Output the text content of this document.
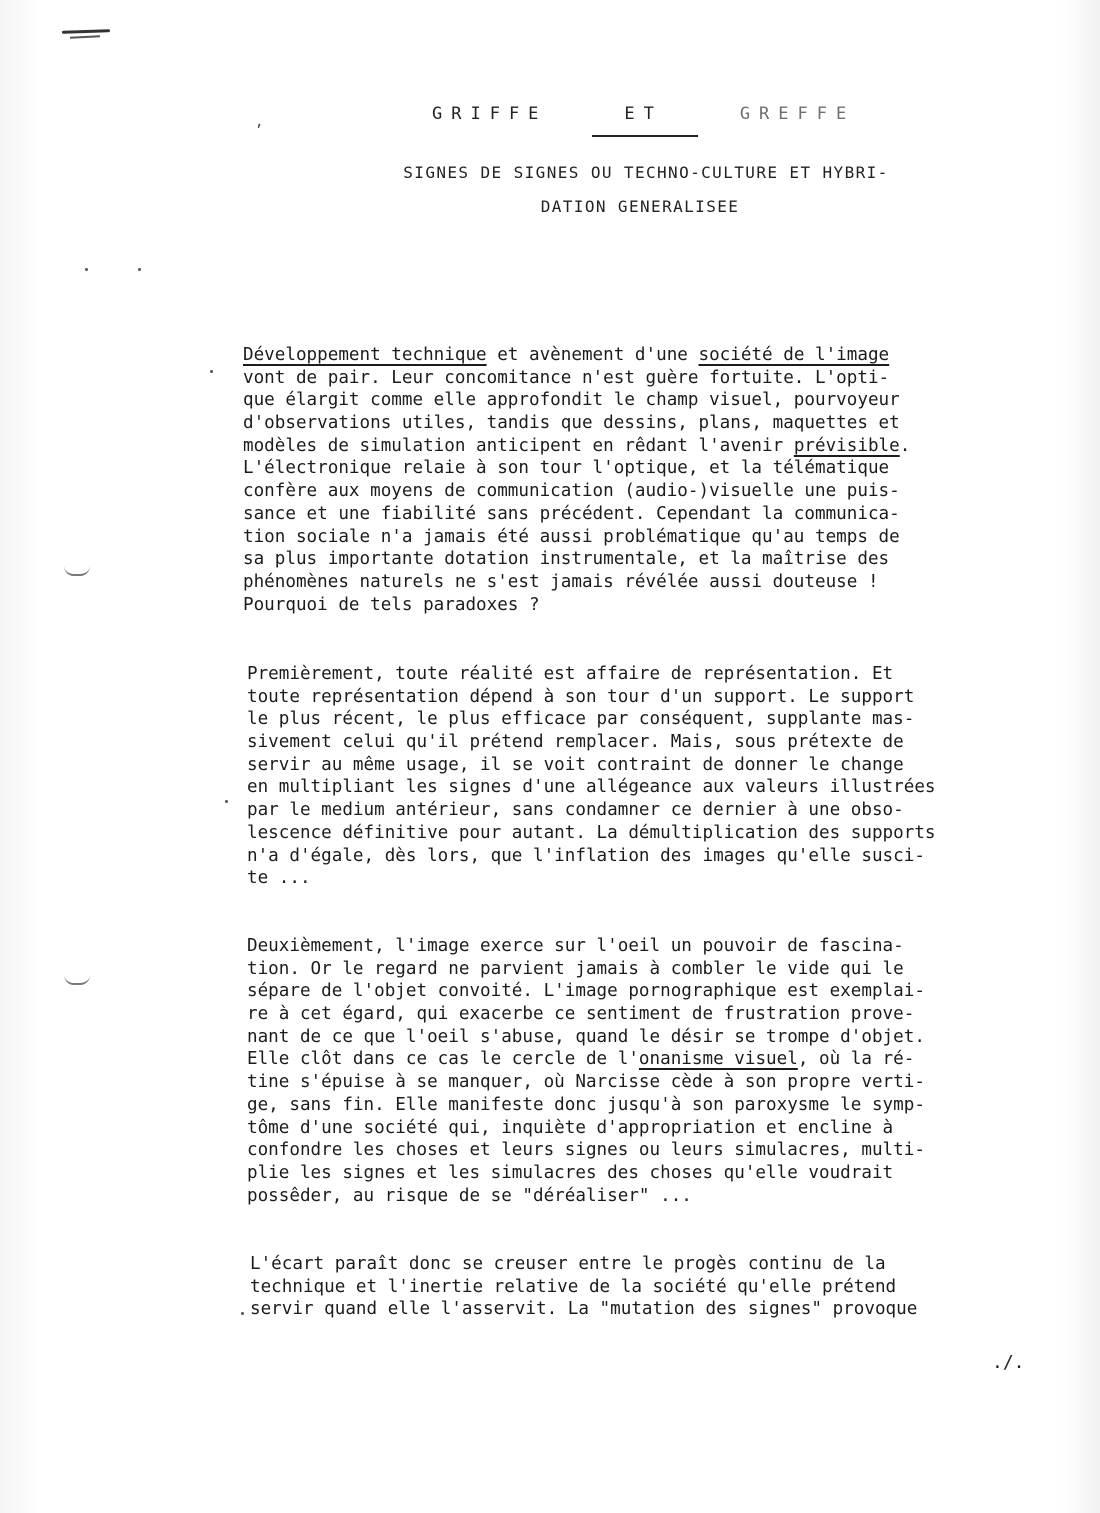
,	GRIFFE	ET	GREFFE
SIGNES DE SIGNES OU TECHNO-CULTURE ET HYBRI-
DATION GENERALISEE
Développement technique et avènement d'une société de l'image
vont de pair. Leur concomitance n'est guère fortuite. L'opti-
que élargit comme elle approfondit le champ visuel, pourvoyeur
d'observations utiles, tandis que dessins, plans, maquettes et
modèles de simulation anticipent en rêdant l'avenir prévisible.
L'électronique relaie à son tour l'optique, et la télématique
confère aux moyens de communication (audio-)visuelle une puis-
sance et une fiabilité sans précédent. Cependant la communica-
tion sociale n'a jamais été aussi problématique qu'au temps de
sa plus importante dotation instrumentale, et la maîtrise des
phénomènes naturels ne s'est jamais révélée aussi douteuse !
Pourquoi de tels paradoxes ?
Premièrement, toute réalité est affaire de représentation. Et
toute représentation dépend à son tour d'un support. Le support
le plus récent, le plus efficace par conséquent, supplante mas-
sivement celui qu'il prétend remplacer. Mais, sous prétexte de
servir au même usage, il se voit contraint de donner le change
en multipliant les signes d'une allégeance aux valeurs illustrées
par le medium antérieur, sans condamner ce dernier à une obso-
lescence définitive pour autant. La démultiplication des supports
n'a d'égale, dès lors, que l'inflation des images qu'elle susci-
te ...
Deuxièmement, l'image exerce sur l'oeil un pouvoir de fascina-
tion. Or le regard ne parvient jamais à combler le vide qui le
sépare de l'objet convoité. L'image pornographique est exemplai-
re à cet égard, qui exacerbe ce sentiment de frustration prove-
nant de ce que l'oeil s'abuse, quand le désir se trompe d'objet.
Elle clôt dans ce cas le cercle de l'onanisme visuel, où la ré-
tine s'épuise à se manquer, où Narcisse cède à son propre verti-
ge, sans fin. Elle manifeste donc jusqu'à son paroxysme le symp-
tôme d'une société qui, inquiète d'appropriation et encline à
confondre les choses et leurs signes ou leurs simulacres, multi-
plie les signes et les simulacres des choses qu'elle voudrait
possêder, au risque de se "déréaliser" ...
L'écart paraît donc se creuser entre le progès continu de la
technique et l'inertie relative de la société qu'elle prétend
servir quand elle l'asservit. La "mutation des signes" provoque
./.
